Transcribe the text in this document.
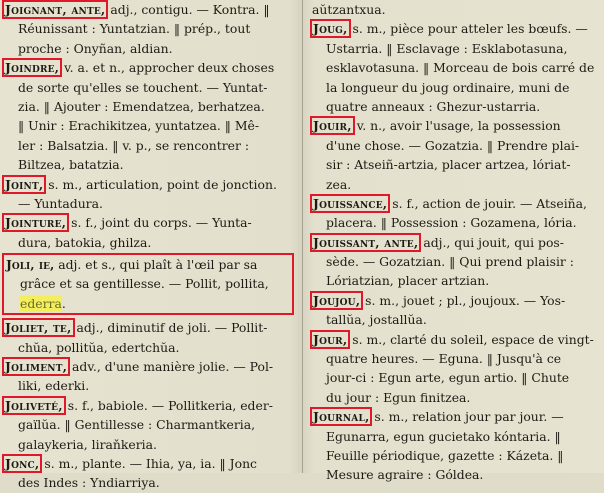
Joignant, ante, adj., contigu. — Kontra. ‖
Réunissant : Yuntatzian. ‖ prép., tout
proche : Onyñan, aldian.
Joindre, v. a. et n., approcher deux choses
de sorte qu'elles se touchent. — Yuntat-
zia. ‖ Ajouter : Emendatzea, berhatzea.
‖ Unir : Erachikitzea, yuntatzea. ‖ Mê-
ler : Balsatzia. ‖ v. p., se rencontrer :
Biltzea, batatzia.
Joint, s. m., articulation, point de jonction.
— Yuntadura.
Jointure, s. f., joint du corps. — Yunta-
dura, batokia, ghilza.
Joli, ie, adj. et s., qui plaît à l'œil par sa
grâce et sa gentillesse. — Pollit, pollita,
ederra.
Joliet, te, adj., diminutif de joli. — Pollit-
chŭa, pollitŭa, edertchŭa.
Joliment, adv., d'une manière jolie. — Pol-
liki, ederki.
Joliveté, s. f., babiole. — Pollitkeria, eder-
gaïlŭa. ‖ Gentillesse : Charmantkeria,
galaykeria, liraňkeria.
Jonc, s. m., plante. — Ihia, ya, ia. ‖ Jonc
des Indes : Yndiarriya.
aŭtzantxua.
Joug, s. m., pièce pour atteler les bœufs. —
Ustarria. ‖ Esclavage : Esklabotasuna,
esklavotasuna. ‖ Morceau de bois carré de
la longueur du joug ordinaire, muni de
quatre anneaux : Ghezur-ustarria.
Jouir, v. n., avoir l'usage, la possession
d'une chose. — Gozatzia. ‖ Prendre plai-
sir : Atseiñ-artzia, placer artzea, lóriat-
zea.
Jouissance, s. f., action de jouir. — Atseiña,
placera. ‖ Possession : Gozamena, lória.
Jouissant, ante, adj., qui jouit, qui pos-
sède. — Gozatzian. ‖ Qui prend plaisir :
Lóriatzian, placer artzian.
Joujou, s. m., jouet ; pl., joujoux. — Yos-
tallŭa, jostallŭa.
Jour, s. m., clarté du soleil, espace de vingt-
quatre heures. — Eguna. ‖ Jusqu'à ce
jour-ci : Egun arte, egun artio. ‖ Chute
du jour : Egun finitzea.
Journal, s. m., relation jour par jour. —
Egunarra, egun gucietako kóntaria. ‖
Feuille périodique, gazette : Kázeta. ‖
Mesure agraire : Góldea.
